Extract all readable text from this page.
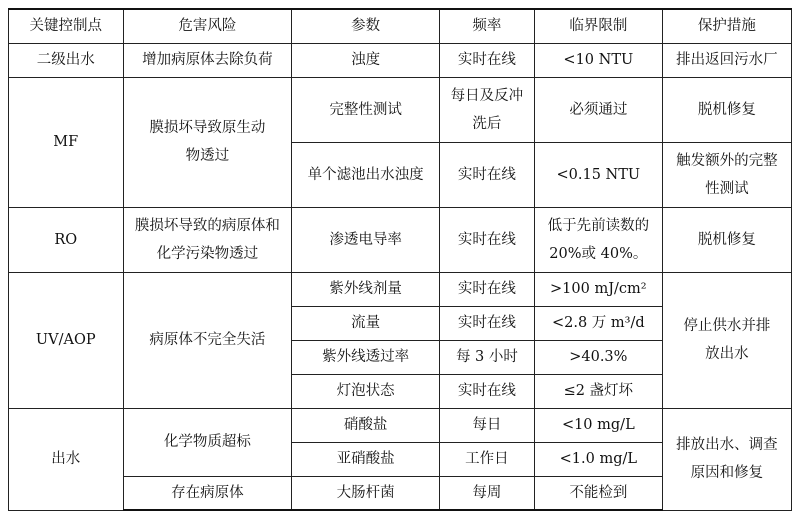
关键控制点	危害风险	参数	频率	临界限制	保护措施
二级出水	增加病原体去除负荷	浊度	实时在线	<10 NTU	排出返回污水厂
MF	膜损坏导致原生动物透过	完整性测试	每日及反冲洗后	必须通过	脱机修复
		单个滤池出水浊度	实时在线	<0.15 NTU	触发额外的完整性测试
RO	膜损坏导致的病原体和化学污染物透过	渗透电导率	实时在线	低于先前读数的 20%或 40%。	脱机修复
UV/AOP	病原体不完全失活	紫外线剂量	实时在线	>100 mJ/cm²	停止供水并排放出水
		流量	实时在线	<2.8 万 m³/d	
		紫外线透过率	每 3 小时	>40.3%	
		灯泡状态	实时在线	≤2 盏灯坏	
出水	化学物质超标	硝酸盐	每日	<10 mg/L	排放出水、调查原因和修复
		亚硝酸盐	工作日	<1.0 mg/L	
	存在病原体	大肠杆菌	每周	不能检到	
